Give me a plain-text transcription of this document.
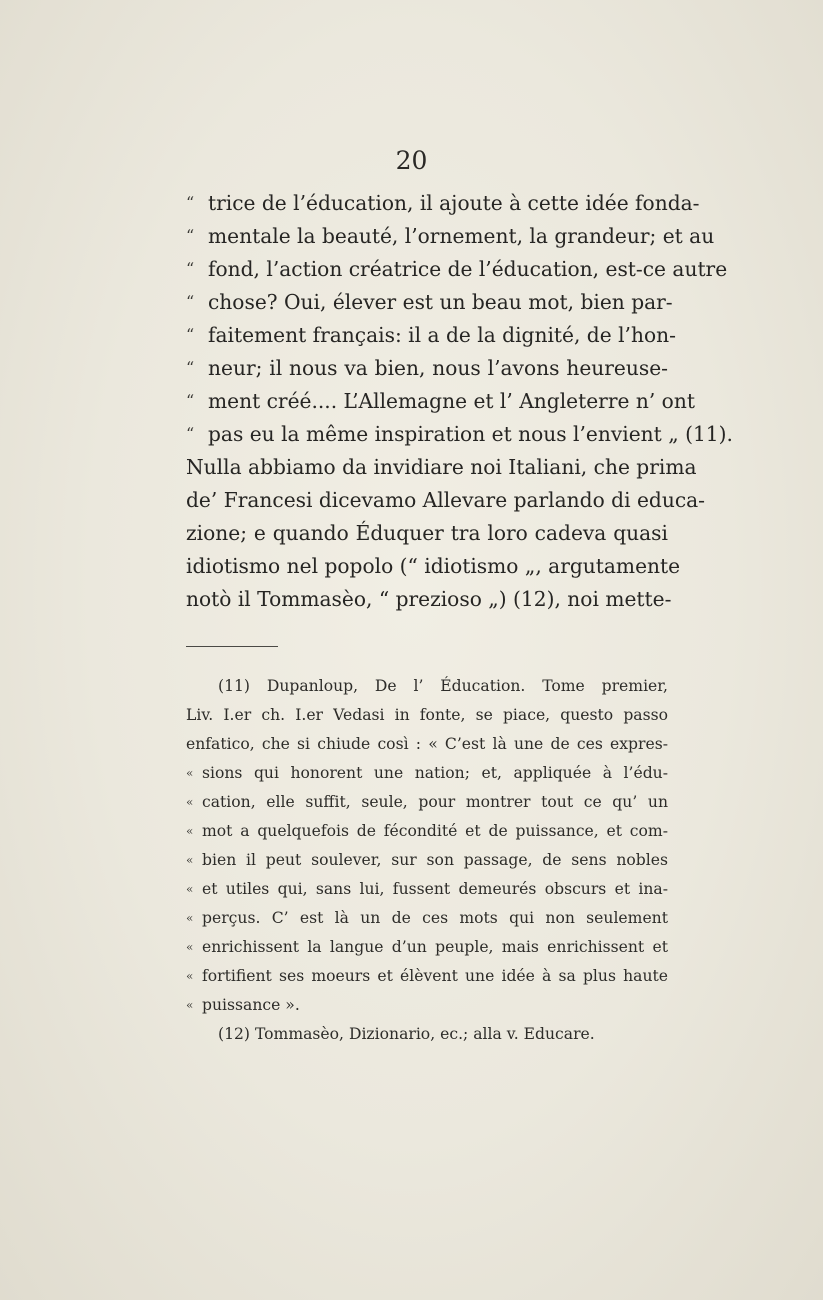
20
“ trice de l’éducation, il ajoute à cette idée fonda-
“ mentale la beauté, l’ornement, la grandeur; et au
“ fond, l’action créatrice de l’éducation, est-ce autre
“ chose? Oui, élever est un beau mot, bien par-
“ faitement français: il a de la dignité, de l’hon-
“ neur; il nous va bien, nous l’avons heureuse-
“ ment créé.... L’Allemagne et l’ Angleterre n’ ont
“ pas eu la même inspiration et nous l’envient „ (11).
Nulla abbiamo da invidiare noi Italiani, che prima
de’ Francesi dicevamo Allevare parlando di educa-
zione; e quando Éduquer tra loro cadeva quasi
idiotismo nel popolo (“ idiotismo „, argutamente
notò il Tommasèo, “ prezioso „) (12), noi mette-
(11) Dupanloup, De l’ Éducation. Tome premier,
Liv. I.er ch. I.er Vedasi in fonte, se piace, questo passo
enfatico, che si chiude così : « C’est là une de ces expres-
« sions qui honorent une nation; et, appliquée à l’édu-
« cation, elle suffit, seule, pour montrer tout ce qu’ un
« mot a quelquefois de fécondité et de puissance, et com-
« bien il peut soulever, sur son passage, de sens nobles
« et utiles qui, sans lui, fussent demeurés obscurs et ina-
« perçus. C’ est là un de ces mots qui non seulement
« enrichissent la langue d’un peuple, mais enrichissent et
« fortifient ses moeurs et élèvent une idée à sa plus haute
« puissance ».
(12) Tommasèo, Dizionario, ec.; alla v. Educare.
